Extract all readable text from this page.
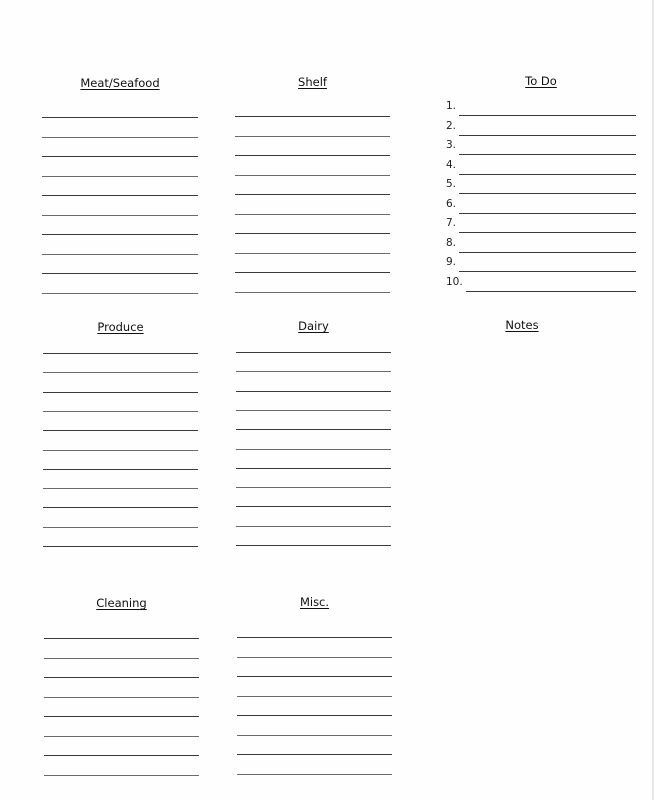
Meat/Seafood	Shelf	To Do
1.
2.
3.
4.
5.
6.
7.
8.
9.
10.
Produce	Dairy	Notes
Cleaning	Misc.
